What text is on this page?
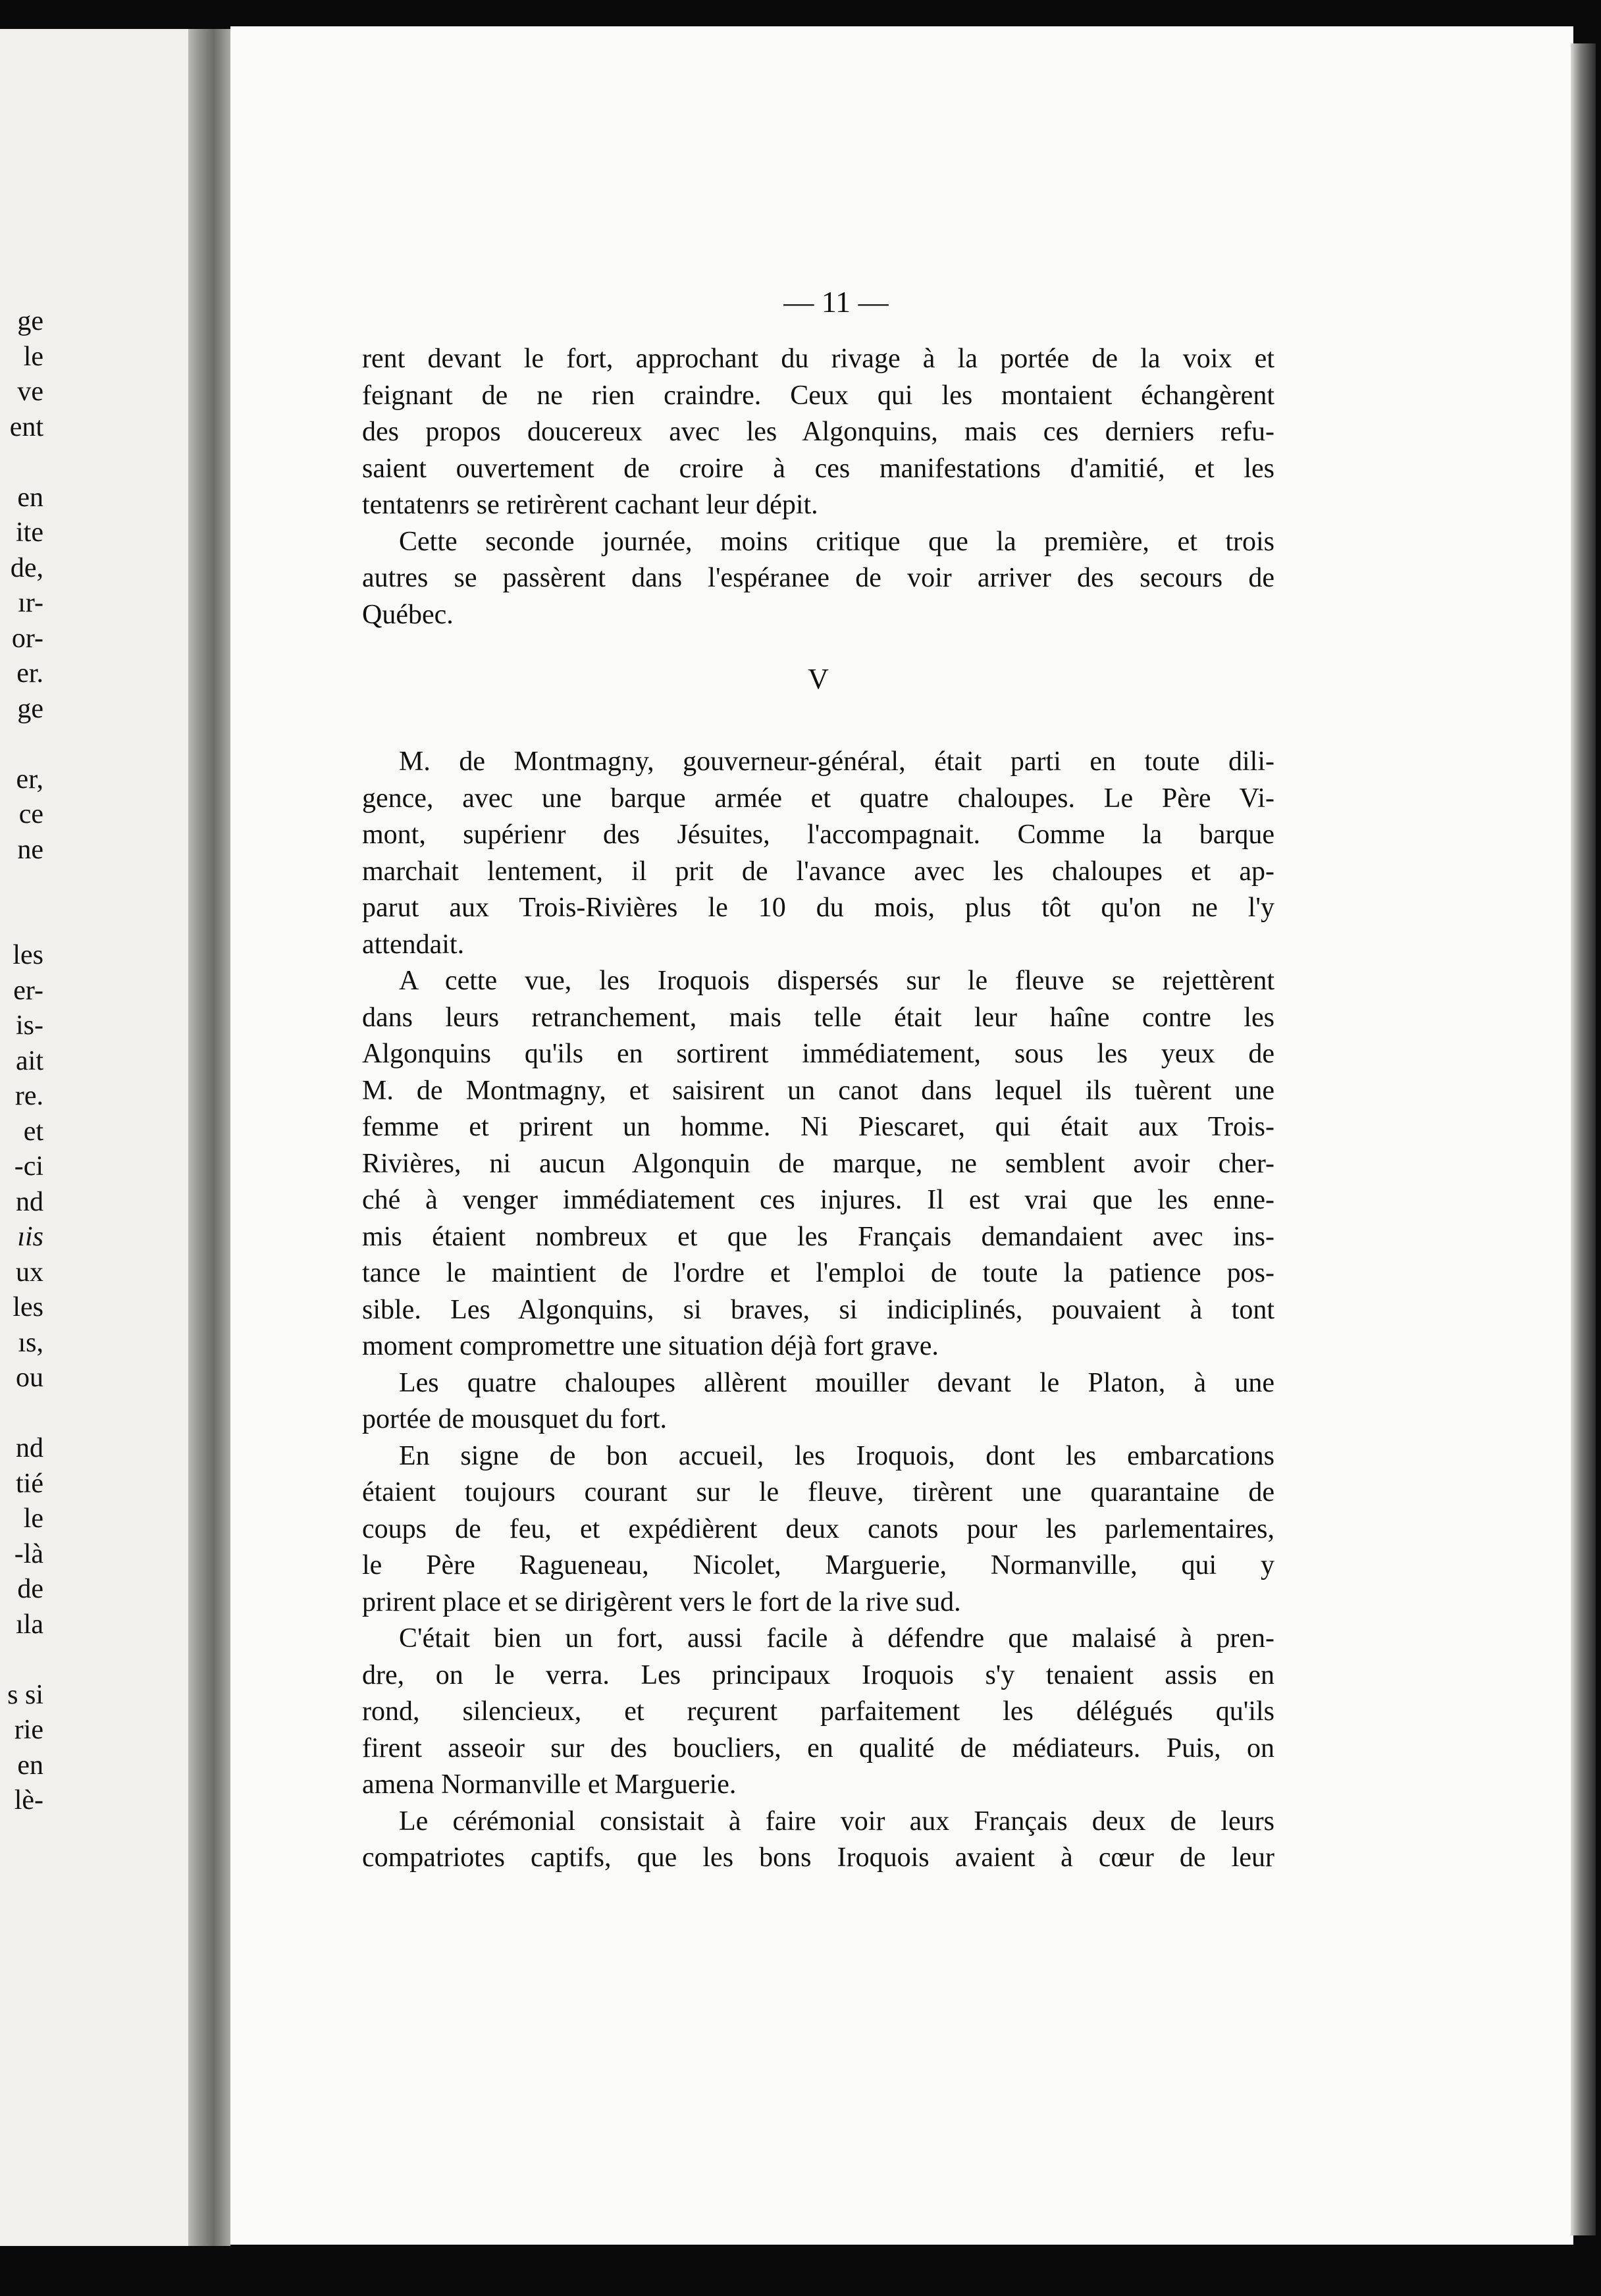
ge
le
ve
ent
en
ite
de,
ır-
or-
er.
ge
er,
ce
ne
les
er-
is-
ait
re.
et
-ci
nd
ıis
ux
les
ıs,
ou
nd
tié
le
-là
de
ıla
s si
rie
en
lè-
— 11 —
rent devant le fort, approchant du rivage à la portée de la voix et
feignant de ne rien craindre. Ceux qui les montaient échangèrent
des propos doucereux avec les Algonquins, mais ces derniers refu-
saient ouvertement de croire à ces manifestations d'amitié, et les
tentatenrs se retirèrent cachant leur dépit.
Cette seconde journée, moins critique que la première, et trois
autres se passèrent dans l'espéranee de voir arriver des secours de
Québec.
V
M. de Montmagny, gouverneur-général, était parti en toute dili-
gence, avec une barque armée et quatre chaloupes. Le Père Vi-
mont, supérienr des Jésuites, l'accompagnait. Comme la barque
marchait lentement, il prit de l'avance avec les chaloupes et ap-
parut aux Trois-Rivières le 10 du mois, plus tôt qu'on ne l'y
attendait.
A cette vue, les Iroquois dispersés sur le fleuve se rejettèrent
dans leurs retranchement, mais telle était leur haîne contre les
Algonquins qu'ils en sortirent immédiatement, sous les yeux de
M. de Montmagny, et saisirent un canot dans lequel ils tuèrent une
femme et prirent un homme. Ni Piescaret, qui était aux Trois-
Rivières, ni aucun Algonquin de marque, ne semblent avoir cher-
ché à venger immédiatement ces injures. Il est vrai que les enne-
mis étaient nombreux et que les Français demandaient avec ins-
tance le maintient de l'ordre et l'emploi de toute la patience pos-
sible. Les Algonquins, si braves, si indiciplinés, pouvaient à tont
moment compromettre une situation déjà fort grave.
Les quatre chaloupes allèrent mouiller devant le Platon, à une
portée de mousquet du fort.
En signe de bon accueil, les Iroquois, dont les embarcations
étaient toujours courant sur le fleuve, tirèrent une quarantaine de
coups de feu, et expédièrent deux canots pour les parlementaires,
le Père Ragueneau, Nicolet, Marguerie, Normanville, qui y
prirent place et se dirigèrent vers le fort de la rive sud.
C'était bien un fort, aussi facile à défendre que malaisé à pren-
dre, on le verra. Les principaux Iroquois s'y tenaient assis en
rond, silencieux, et reçurent parfaitement les délégués qu'ils
firent asseoir sur des boucliers, en qualité de médiateurs. Puis, on
amena Normanville et Marguerie.
Le cérémonial consistait à faire voir aux Français deux de leurs
compatriotes captifs, que les bons Iroquois avaient à cœur de leur
